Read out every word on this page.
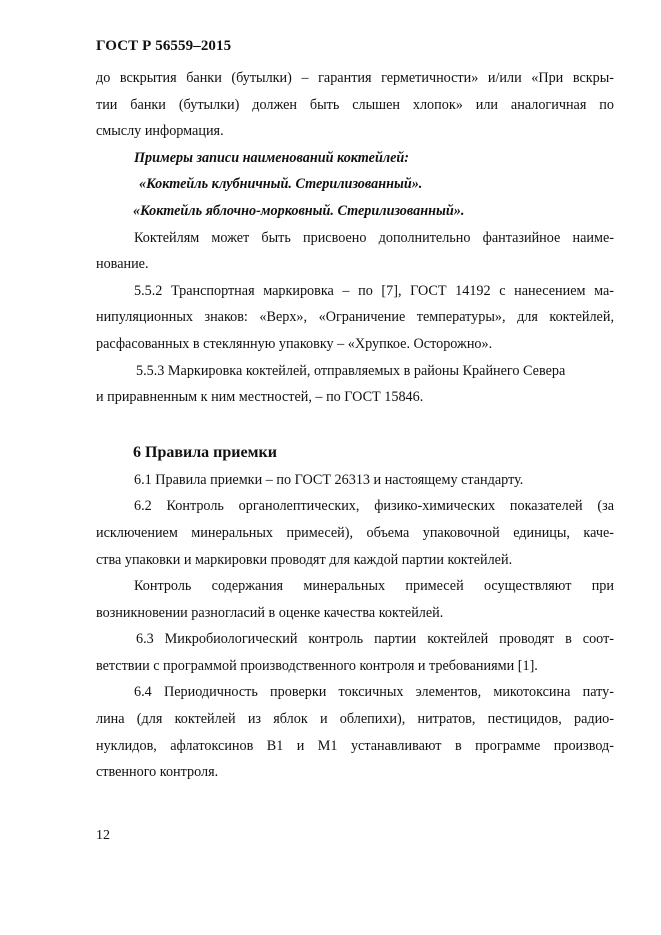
ГОСТ Р 56559–2015
до вскрытия банки (бутылки) – гарантия герметичности» и/или «При вскры-
тии банки (бутылки) должен быть слышен хлопок» или аналогичная по
смыслу информация.
Примеры записи наименований коктейлей:
«Коктейль клубничный. Стерилизованный».
«Коктейль яблочно-морковный. Стерилизованный».
Коктейлям может быть присвоено дополнительно фантазийное наиме-
нование.
5.5.2 Транспортная маркировка – по [7], ГОСТ 14192 с нанесением ма-
нипуляционных знаков: «Верх», «Ограничение температуры», для коктейлей,
расфасованных в стеклянную упаковку – «Хрупкое. Осторожно».
5.5.3 Маркировка коктейлей, отправляемых в районы Крайнего Севера
и приравненным к ним местностей, – по ГОСТ 15846.
6 Правила приемки
6.1 Правила приемки – по ГОСТ 26313 и настоящему стандарту.
6.2 Контроль органолептических, физико-химических показателей (за
исключением минеральных примесей), объема упаковочной единицы, каче-
ства упаковки и маркировки проводят для каждой партии коктейлей.
Контроль содержания минеральных примесей осуществляют при
возникновении разногласий в оценке качества коктейлей.
6.3 Микробиологический контроль партии коктейлей проводят в соот-
ветствии с программой производственного контроля и требованиями [1].
6.4 Периодичность проверки токсичных элементов, микотоксина пату-
лина (для коктейлей из яблок и облепихи), нитратов, пестицидов, радио-
нуклидов, афлатоксинов В1 и М1 устанавливают в программе производ-
ственного контроля.
12
